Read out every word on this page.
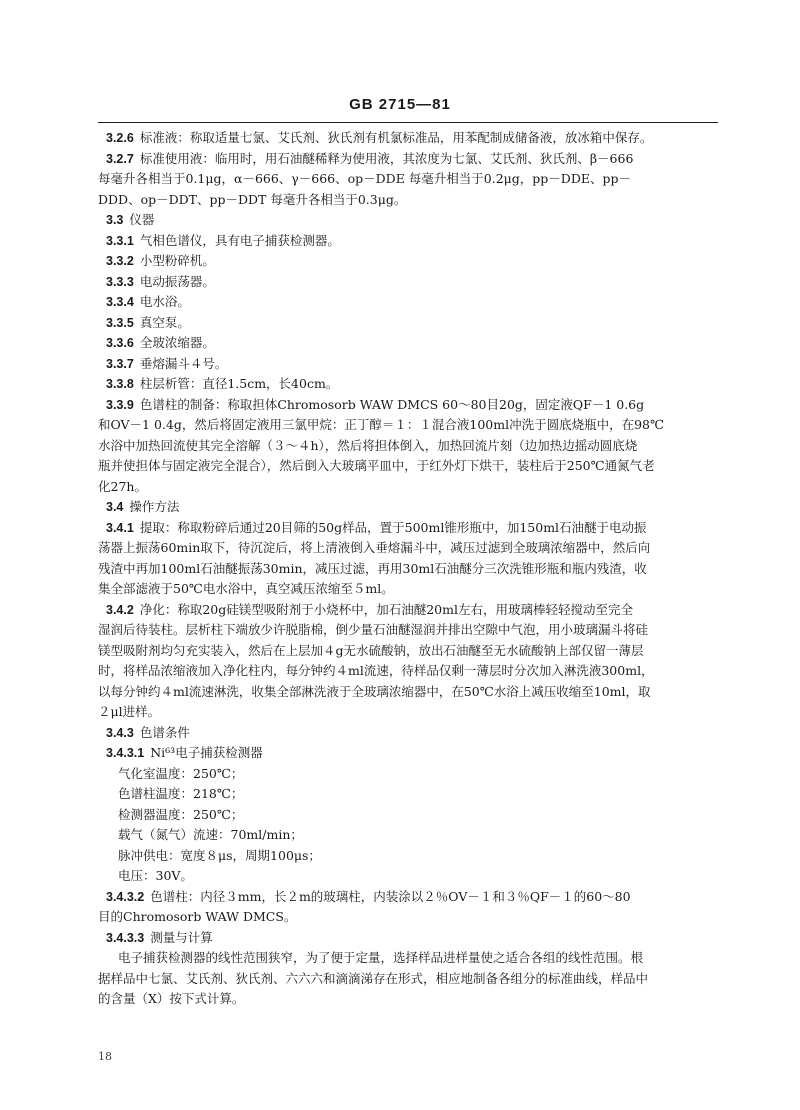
GB 2715—81

3.2.6 标准液：称取适量七氯、艾氏剂、狄氏剂有机氯标准品，用苯配制成储备液，放冰箱中保存。

3.2.7 标准使用液：临用时，用石油醚稀释为使用液，其浓度为七氯、艾氏剂、狄氏剂、β－666

每毫升各相当于0.1μg，α－666、γ－666、op－DDE 每毫升相当于0.2μg，pp－DDE、pp－

DDD、op－DDT、pp－DDT 每毫升各相当于0.3μg。

3.3 仪器

3.3.1 气相色谱仪，具有电子捕获检测器。

3.3.2 小型粉碎机。

3.3.3 电动振荡器。

3.3.4 电水浴。

3.3.5 真空泵。

3.3.6 全玻浓缩器。

3.3.7 垂熔漏斗４号。

3.3.8 柱层析管：直径1.5cm，长40cm。

3.3.9 色谱柱的制备：称取担体Chromosorb WAW DMCS 60～80目20g，固定液QF－1 0.6g

和OV－1 0.4g，然后将固定液用三氯甲烷：正丁醇＝１：１混合液100ml冲洗于圆底烧瓶中，在98℃

水浴中加热回流使其完全溶解（３～４h），然后将担体倒入，加热回流片刻（边加热边摇动圆底烧

瓶并使担体与固定液完全混合），然后倒入大玻璃平皿中，于红外灯下烘干，装柱后于250℃通氮气老

化27h。

3.4 操作方法

3.4.1 提取：称取粉碎后通过20目筛的50g样品，置于500ml锥形瓶中，加150ml石油醚于电动振

荡器上振荡60min取下，待沉淀后，将上清液倒入垂熔漏斗中，减压过滤到全玻璃浓缩器中，然后向

残渣中再加100ml石油醚振荡30min，减压过滤，再用30ml石油醚分三次洗锥形瓶和瓶内残渣，收

集全部滤液于50℃电水浴中，真空减压浓缩至５ml。

3.4.2 净化：称取20g硅镁型吸附剂于小烧杯中，加石油醚20ml左右，用玻璃棒轻轻搅动至完全

湿润后待装柱。层析柱下端放少许脱脂棉，倒少量石油醚湿润并排出空隙中气泡，用小玻璃漏斗将硅

镁型吸附剂均匀充实装入，然后在上层加４g无水硫酸钠，放出石油醚至无水硫酸钠上部仅留一薄层

时，将样品浓缩液加入净化柱内，每分钟约４ml流速，待样品仅剩一薄层时分次加入淋洗液300ml，

以每分钟约４ml流速淋洗，收集全部淋洗液于全玻璃浓缩器中，在50℃水浴上减压收缩至10ml，取

２μl进样。

3.4.3 色谱条件

3.4.3.1 Ni⁶³电子捕获检测器

气化室温度：250℃；

色谱柱温度：218℃；

检测器温度：250℃；

载气（氮气）流速：70ml/min；

脉冲供电：宽度８μs，周期100μs；

电压：30V。

3.4.3.2 色谱柱：内径３mm，长２m的玻璃柱，内装涂以２％OV－１和３％QF－１的60～80

目的Chromosorb WAW DMCS。

3.4.3.3 测量与计算

电子捕获检测器的线性范围狭窄，为了便于定量，选择样品进样量使之适合各组的线性范围。根

据样品中七氯、艾氏剂、狄氏剂、六六六和滴滴涕存在形式，相应地制备各组分的标准曲线，样品中

的含量（X）按下式计算。

18
